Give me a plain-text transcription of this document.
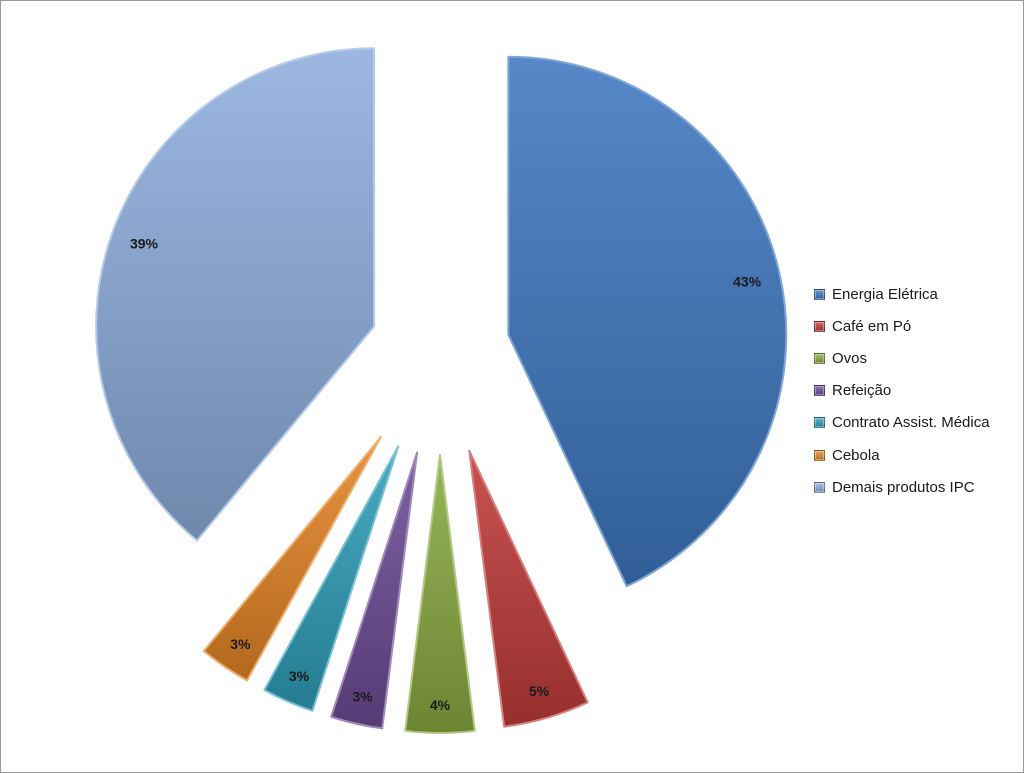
43%
5%
4%
3%
3%
3%
39%
Energia Elétrica
Café em Pó
Ovos
Refeição
Contrato Assist. Médica
Cebola
Demais produtos IPC
